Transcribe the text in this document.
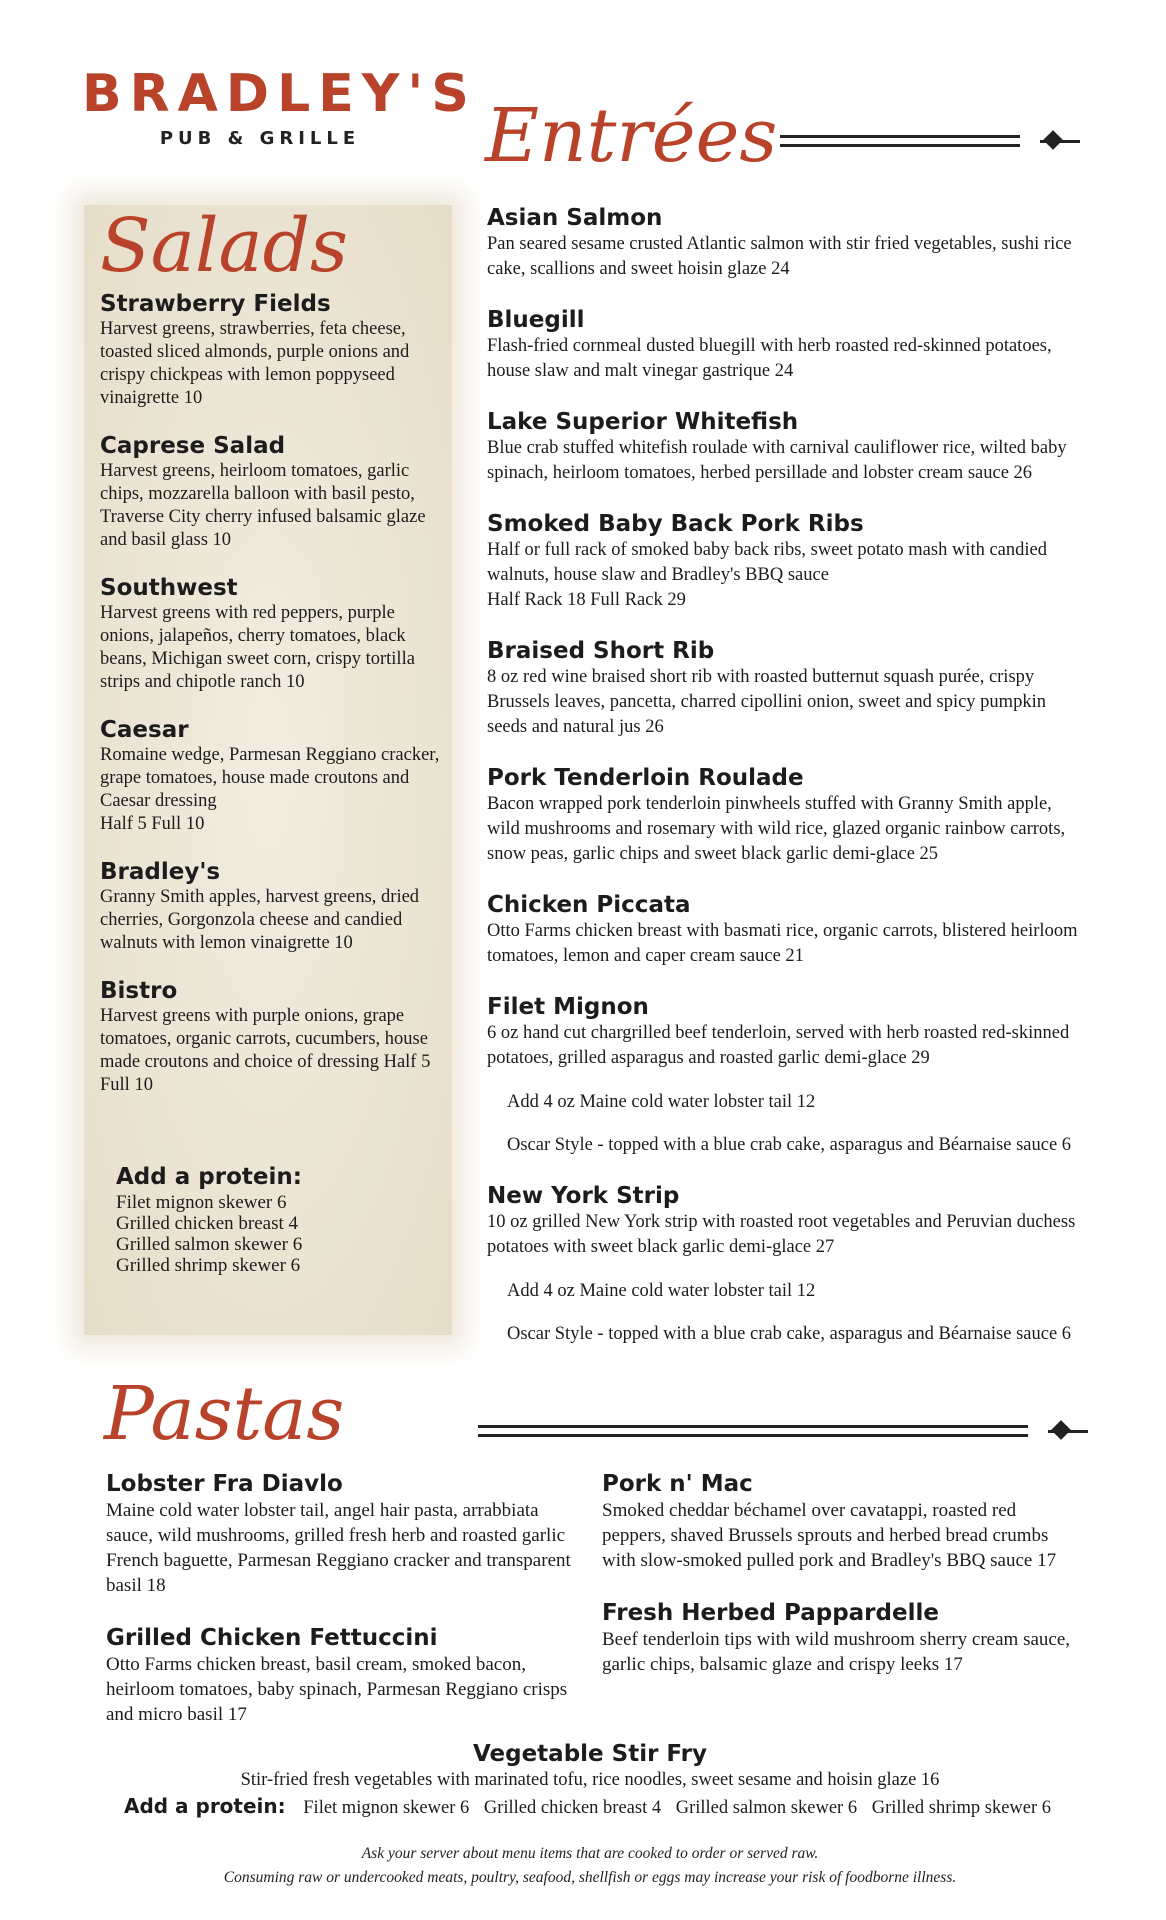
BRADLEY'S
PUB & GRILLE	Entrées
Salads

Strawberry Fields

Harvest greens, strawberries, feta cheese, toasted sliced almonds, purple onions and crispy chickpeas with lemon poppyseed vinaigrette 10

Caprese Salad

Harvest greens, heirloom tomatoes, garlic chips, mozzarella balloon with basil pesto, Traverse City cherry infused balsamic glaze and basil glass 10

Southwest

Harvest greens with red peppers, purple onions, jalapeños, cherry tomatoes, black beans, Michigan sweet corn, crispy tortilla strips and chipotle ranch 10

Caesar

Romaine wedge, Parmesan Reggiano cracker, grape tomatoes, house made croutons and Caesar dressing

Half 5 Full 10

Bradley's

Granny Smith apples, harvest greens, dried cherries, Gorgonzola cheese and candied walnuts with lemon vinaigrette 10

Bistro

Harvest greens with purple onions, grape tomatoes, organic carrots, cucumbers, house made croutons and choice of dressing Half 5 Full 10

Add a protein:
Filet mignon skewer 6
Grilled chicken breast 4
Grilled salmon skewer 6
Grilled shrimp skewer 6

Asian Salmon

Pan seared sesame crusted Atlantic salmon with stir fried vegetables, sushi rice cake, scallions and sweet hoisin glaze 24

Bluegill

Flash-fried cornmeal dusted bluegill with herb roasted red-skinned potatoes, house slaw and malt vinegar gastrique 24

Lake Superior Whitefish

Blue crab stuffed whitefish roulade with carnival cauliflower rice, wilted baby spinach, heirloom tomatoes, herbed persillade and lobster cream sauce 26

Smoked Baby Back Pork Ribs

Half or full rack of smoked baby back ribs, sweet potato mash with candied walnuts, house slaw and Bradley's BBQ sauce

Half Rack 18 Full Rack 29

Braised Short Rib

8 oz red wine braised short rib with roasted butternut squash purée, crispy Brussels leaves, pancetta, charred cipollini onion, sweet and spicy pumpkin seeds and natural jus 26

Pork Tenderloin Roulade

Bacon wrapped pork tenderloin pinwheels stuffed with Granny Smith apple, wild mushrooms and rosemary with wild rice, glazed organic rainbow carrots, snow peas, garlic chips and sweet black garlic demi-glace 25

Chicken Piccata

Otto Farms chicken breast with basmati rice, organic carrots, blistered heirloom tomatoes, lemon and caper cream sauce 21

Filet Mignon

6 oz hand cut chargrilled beef tenderloin, served with herb roasted red-skinned potatoes, grilled asparagus and roasted garlic demi-glace 29

Add 4 oz Maine cold water lobster tail 12

Oscar Style - topped with a blue crab cake, asparagus and Béarnaise sauce 6

New York Strip

10 oz grilled New York strip with roasted root vegetables and Peruvian duchess potatoes with sweet black garlic demi-glace 27

Add 4 oz Maine cold water lobster tail 12

Oscar Style - topped with a blue crab cake, asparagus and Béarnaise sauce 6

Pastas

Lobster Fra Diavlo

Maine cold water lobster tail, angel hair pasta, arrabbiata sauce, wild mushrooms, grilled fresh herb and roasted garlic French baguette, Parmesan Reggiano cracker and transparent basil 18

Grilled Chicken Fettuccini

Otto Farms chicken breast, basil cream, smoked bacon, heirloom tomatoes, baby spinach, Parmesan Reggiano crisps and micro basil 17

Pork n' Mac

Smoked cheddar béchamel over cavatappi, roasted red peppers, shaved Brussels sprouts and herbed bread crumbs with slow-smoked pulled pork and Bradley's BBQ sauce 17

Fresh Herbed Pappardelle

Beef tenderloin tips with wild mushroom sherry cream sauce, garlic chips, balsamic glaze and crispy leeks 17

Vegetable Stir Fry

Stir-fried fresh vegetables with marinated tofu, rice noodles, sweet sesame and hoisin glaze 16

Add a protein: Filet mignon skewer 6 Grilled chicken breast 4 Grilled salmon skewer 6 Grilled shrimp skewer 6
Ask your server about menu items that are cooked to order or served raw.
Consuming raw or undercooked meats, poultry, seafood, shellfish or eggs may increase your risk of foodborne illness.
